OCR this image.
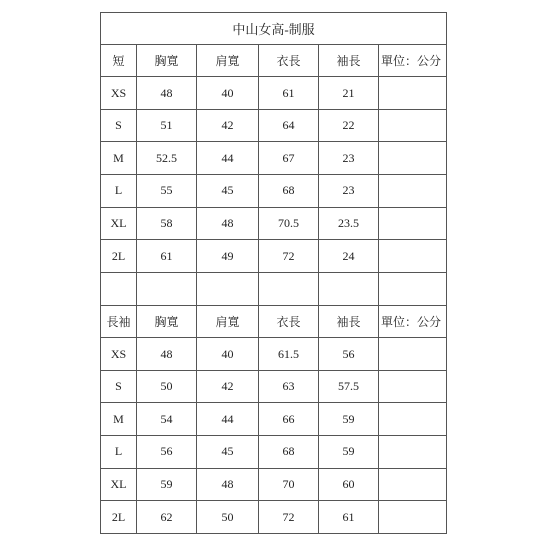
中山女高-制服					
短	胸寬	肩寬	衣長	袖長	單位：公分
XS	48	40	61	21	
S	51	42	64	22	
M	52.5	44	67	23	
L	55	45	68	23	
XL	58	48	70.5	23.5	
2L	61	49	72	24	

長袖	胸寬	肩寬	衣長	袖長	單位：公分
XS	48	40	61.5	56	
S	50	42	63	57.5	
M	54	44	66	59	
L	56	45	68	59	
XL	59	48	70	60	
2L	62	50	72	61	
